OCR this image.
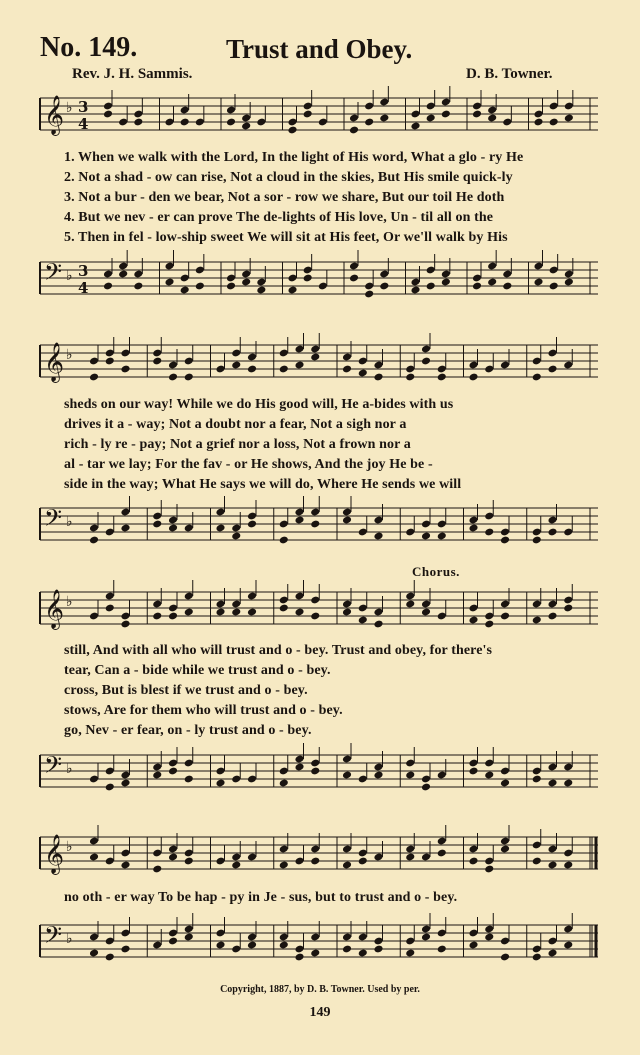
No. 149.	Trust and Obey.
Rev. J. H. Sammis.	D. B. Towner.
𝄞 ♭ 3
4
1. When we walk with the Lord, In the light of His word, What a glo - ry He
2. Not a shad - ow can rise, Not a cloud in the skies, But His smile quick-ly
3. Not a bur - den we bear, Not a sor - row we share, But our toil He doth
4. But we nev - er can prove The de-lights of His love, Un - til all on the
5. Then in fel - low-ship sweet We will sit at His feet, Or we'll walk by His
𝄢 ♭ 3
4
𝄞 ♭
sheds on our way! While we do His good will, He a-bides with us
drives it a - way; Not a doubt nor a fear, Not a sigh nor a
rich - ly re - pay; Not a grief nor a loss, Not a frown nor a
al - tar we lay; For the fav - or He shows, And the joy He be -
side in the way; What He says we will do, Where He sends we will
𝄢 ♭
Chorus.
𝄞 ♭
still, And with all who will trust and o - bey. Trust and obey, for there's
tear, Can a - bide while we trust and o - bey.
cross, But is blest if we trust and o - bey.
stows, Are for them who will trust and o - bey.
go, Nev - er fear, on - ly trust and o - bey.
𝄢 ♭
𝄞 ♭
no oth - er way To be hap - py in Je - sus, but to trust and o - bey.
𝄢 ♭
Copyright, 1887, by D. B. Towner. Used by per.
149
